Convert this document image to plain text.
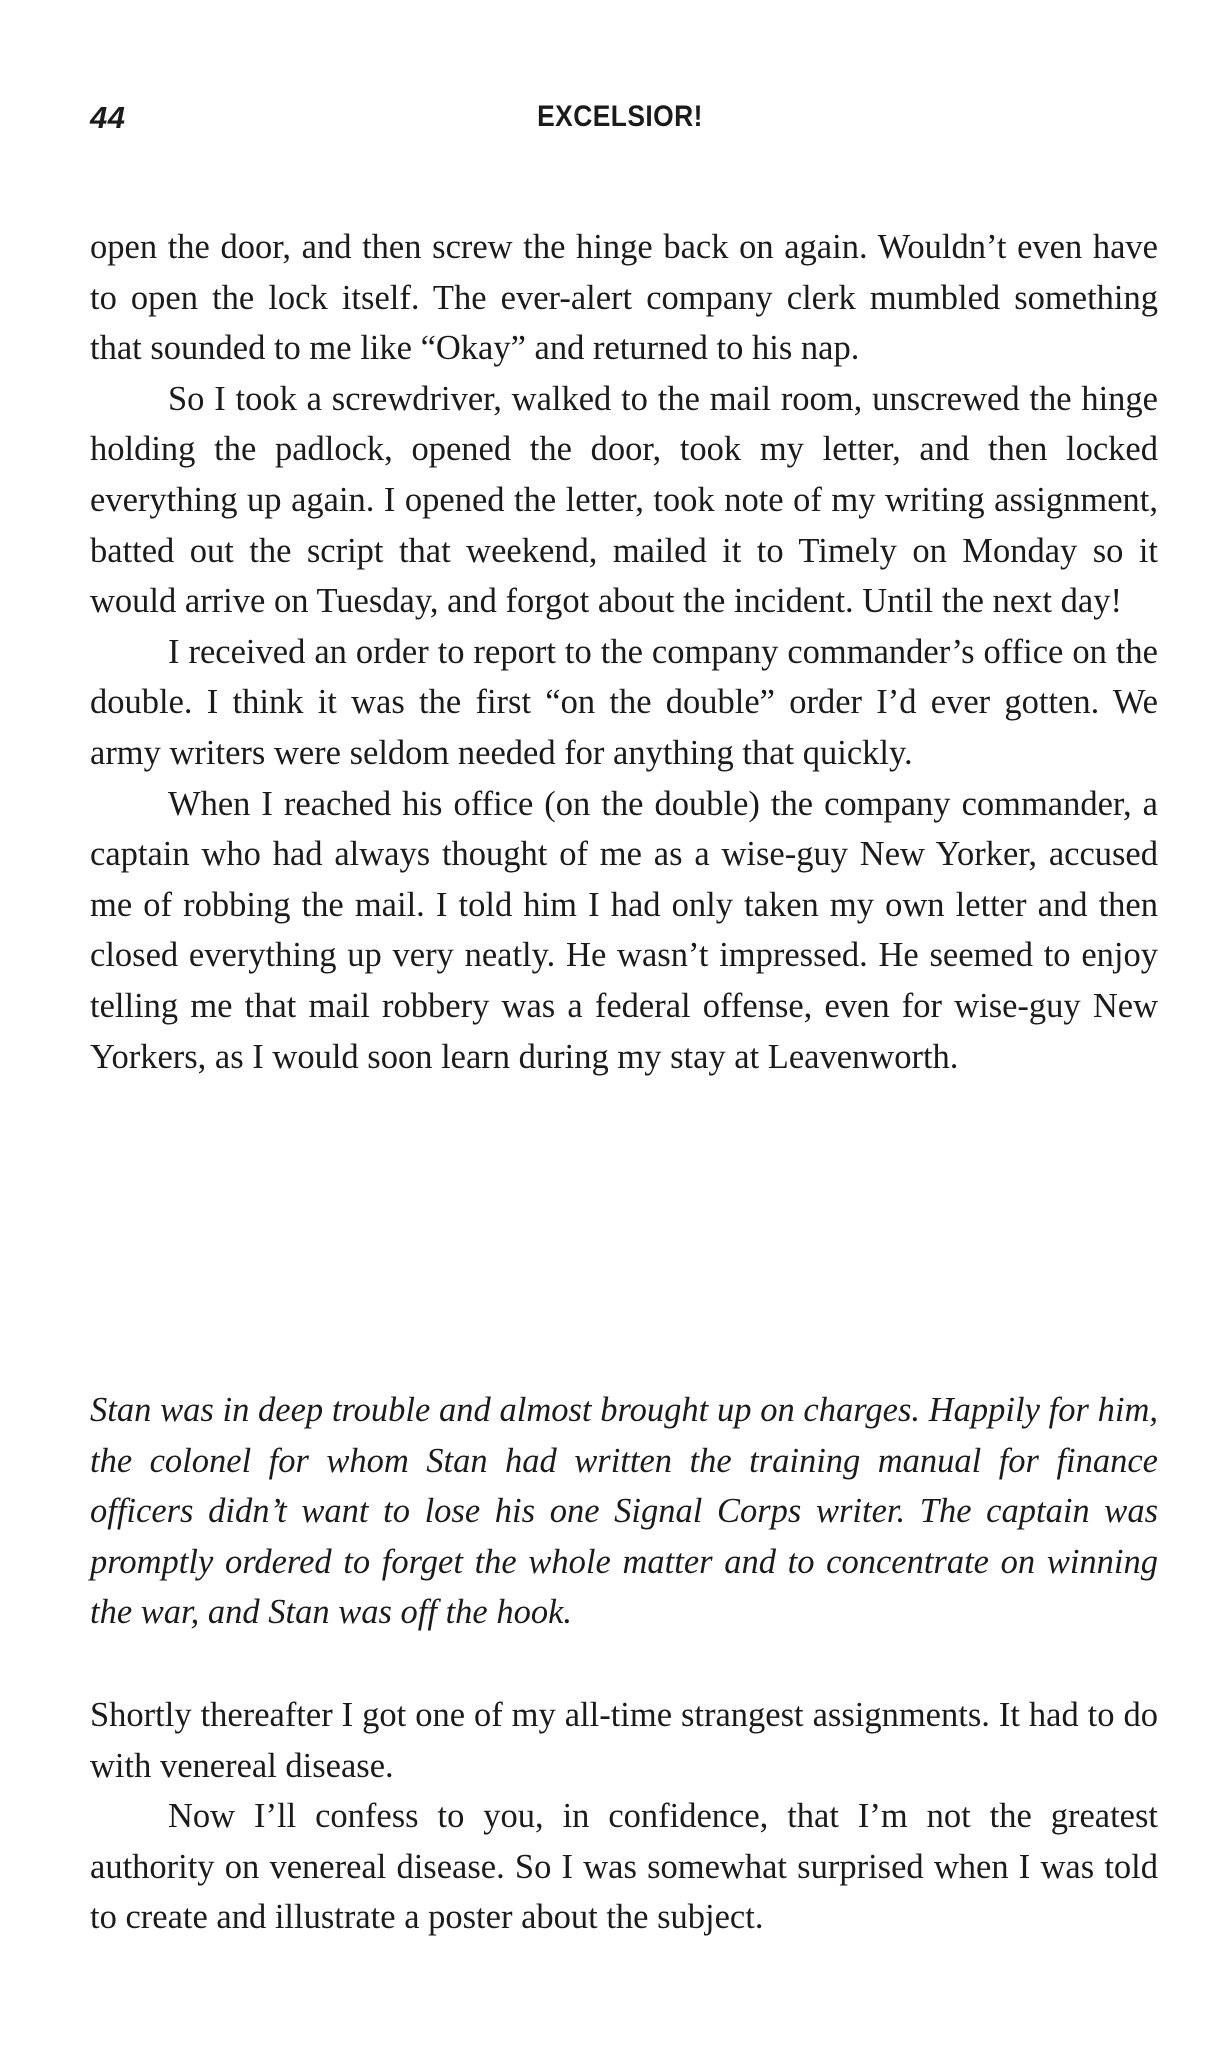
44	EXCELSIOR!

open the door, and then screw the hinge back on again. Wouldn’t even have to open the lock itself. The ever-alert company clerk mumbled something that sounded to me like “Okay” and returned to his nap.

So I took a screwdriver, walked to the mail room, unscrewed the hinge holding the padlock, opened the door, took my letter, and then locked everything up again. I opened the letter, took note of my writing assignment, batted out the script that weekend, mailed it to Timely on Monday so it would arrive on Tuesday, and forgot about the incident. Until the next day!

I received an order to report to the company commander’s office on the double. I think it was the first “on the double” order I’d ever gotten. We army writers were seldom needed for anything that quickly.

When I reached his office (on the double) the company commander, a captain who had always thought of me as a wise-guy New Yorker, accused me of robbing the mail. I told him I had only taken my own letter and then closed everything up very neatly. He wasn’t impressed. He seemed to enjoy telling me that mail robbery was a federal offense, even for wise-guy New Yorkers, as I would soon learn during my stay at Leavenworth.

Stan was in deep trouble and almost brought up on charges. Happily for him, the colonel for whom Stan had written the training manual for finance officers didn’t want to lose his one Signal Corps writer. The captain was promptly ordered to forget the whole matter and to concentrate on winning the war, and Stan was off the hook.

Shortly thereafter I got one of my all-time strangest assignments. It had to do with venereal disease.

Now I’ll confess to you, in confidence, that I’m not the greatest authority on venereal disease. So I was somewhat surprised when I was told to create and illustrate a poster about the subject.
